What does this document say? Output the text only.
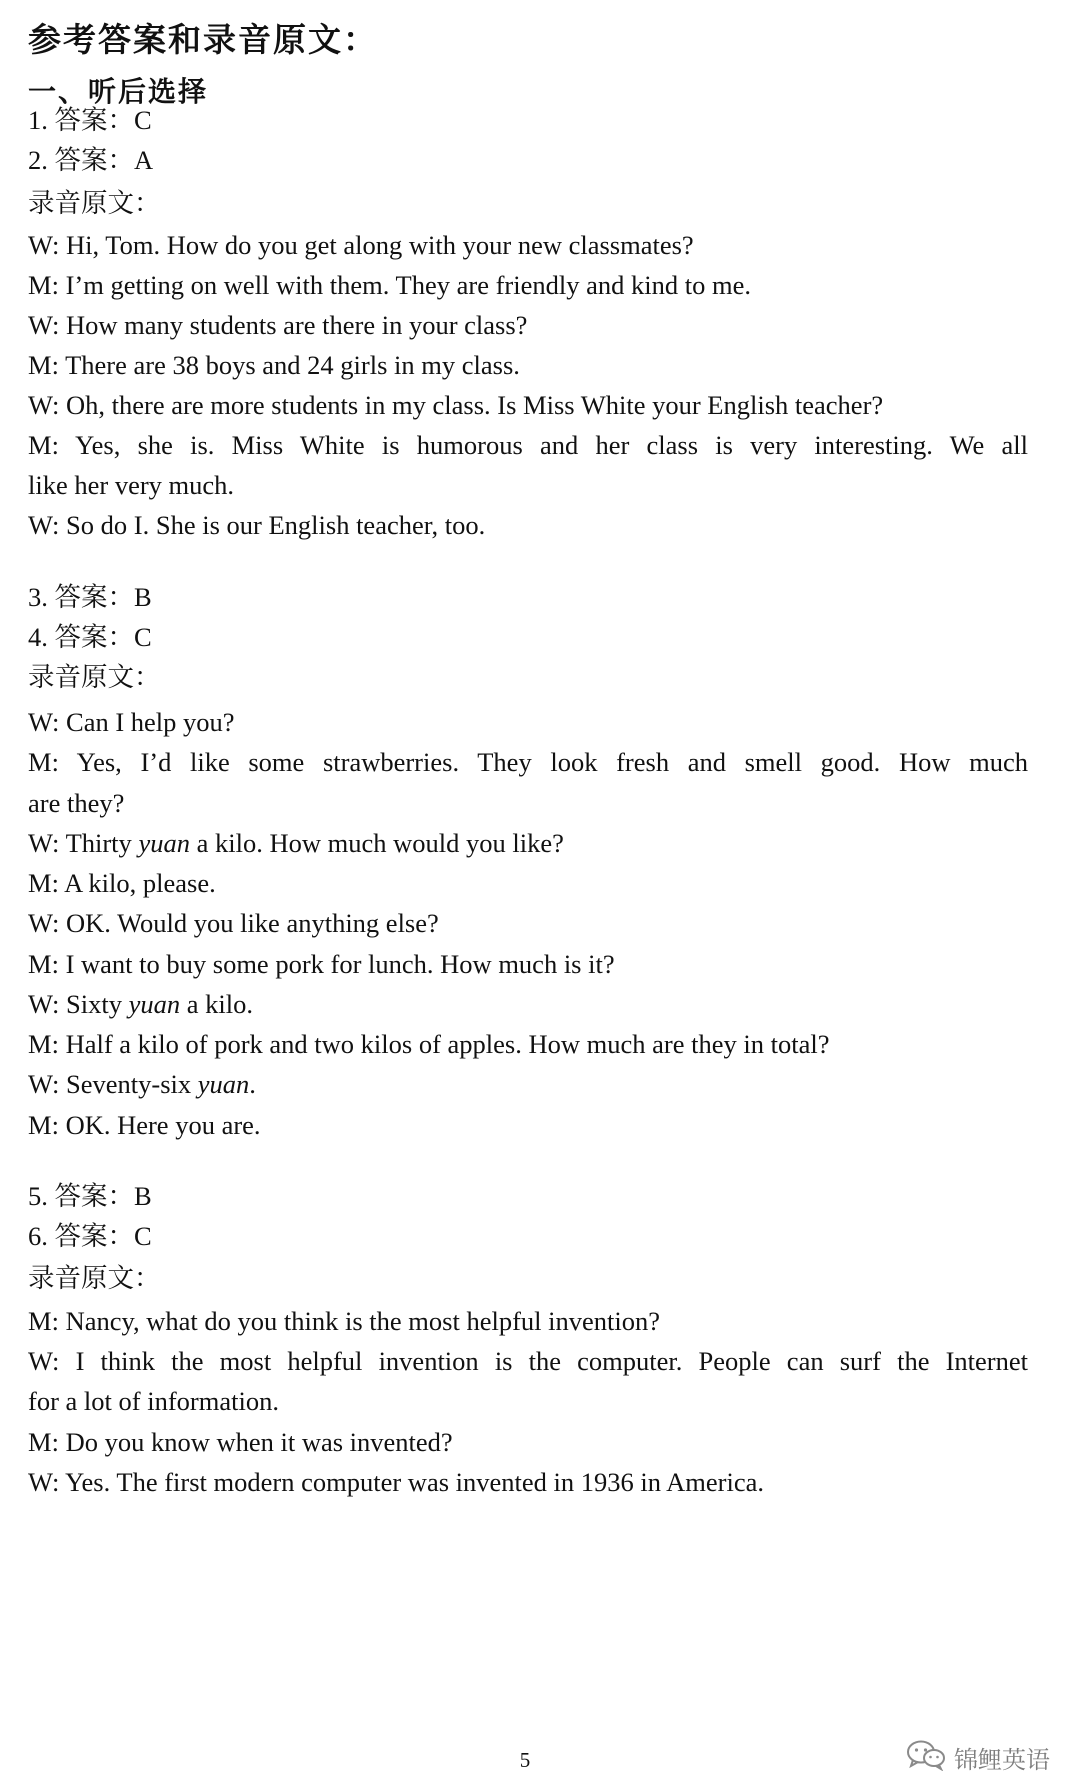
参考答案和录音原文：
一、听后选择
1. 答案：C
2. 答案：A
录音原文：
W: Hi, Tom. How do you get along with your new classmates?
M: I’m getting on well with them. They are friendly and kind to me.
W: How many students are there in your class?
M: There are 38 boys and 24 girls in my class.
W: Oh, there are more students in my class. Is Miss White your English teacher?
M: Yes, she is. Miss White is humorous and her class is very interesting. We all
like her very much.
W: So do I. She is our English teacher, too.
3. 答案：B
4. 答案：C
录音原文：
W: Can I help you?
M: Yes, I’d like some strawberries. They look fresh and smell good. How much
are they?
W: Thirty yuan a kilo. How much would you like?
M: A kilo, please.
W: OK. Would you like anything else?
M: I want to buy some pork for lunch. How much is it?
W: Sixty yuan a kilo.
M: Half a kilo of pork and two kilos of apples. How much are they in total?
W: Seventy-six yuan.
M: OK. Here you are.
5. 答案：B
6. 答案：C
录音原文：
M: Nancy, what do you think is the most helpful invention?
W: I think the most helpful invention is the computer. People can surf the Internet
for a lot of information.
M: Do you know when it was invented?
W: Yes. The first modern computer was invented in 1936 in America.
5	锦鲤英语
